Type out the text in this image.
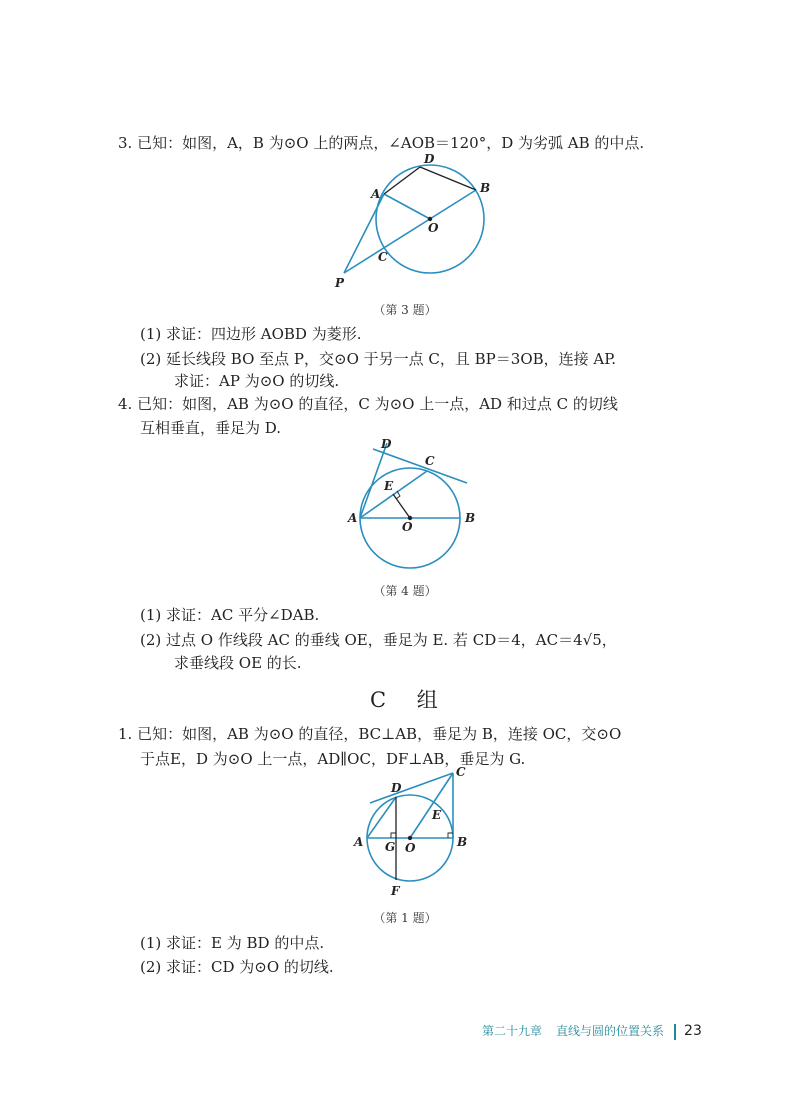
3. 已知：如图，A，B 为⊙O 上的两点，∠AOB＝120°，D 为劣弧 AB 的中点.
D
B
A
O
C
P
（第 3 题）
(1) 求证：四边形 AOBD 为菱形.
(2) 延长线段 BO 至点 P，交⊙O 于另一点 C，且 BP＝3OB，连接 AP.
求证：AP 为⊙O 的切线.
4. 已知：如图，AB 为⊙O 的直径，C 为⊙O 上一点，AD 和过点 C 的切线
互相垂直，垂足为 D.
D
C
E
A
O
B
（第 4 题）
(1) 求证：AC 平分∠DAB.
(2) 过点 O 作线段 AC 的垂线 OE，垂足为 E. 若 CD＝4，AC＝4√5，
求垂线段 OE 的长.
C 组
1. 已知：如图，AB 为⊙O 的直径，BC⊥AB，垂足为 B，连接 OC，交⊙O
于点E，D 为⊙O 上一点，AD∥OC，DF⊥AB，垂足为 G.
C
D
E
A G O	B
F
（第 1 题）
(1) 求证：E 为 BD 的中点.
(2) 求证：CD 为⊙O 的切线.
第二十九章 直线与圆的位置关系 23
